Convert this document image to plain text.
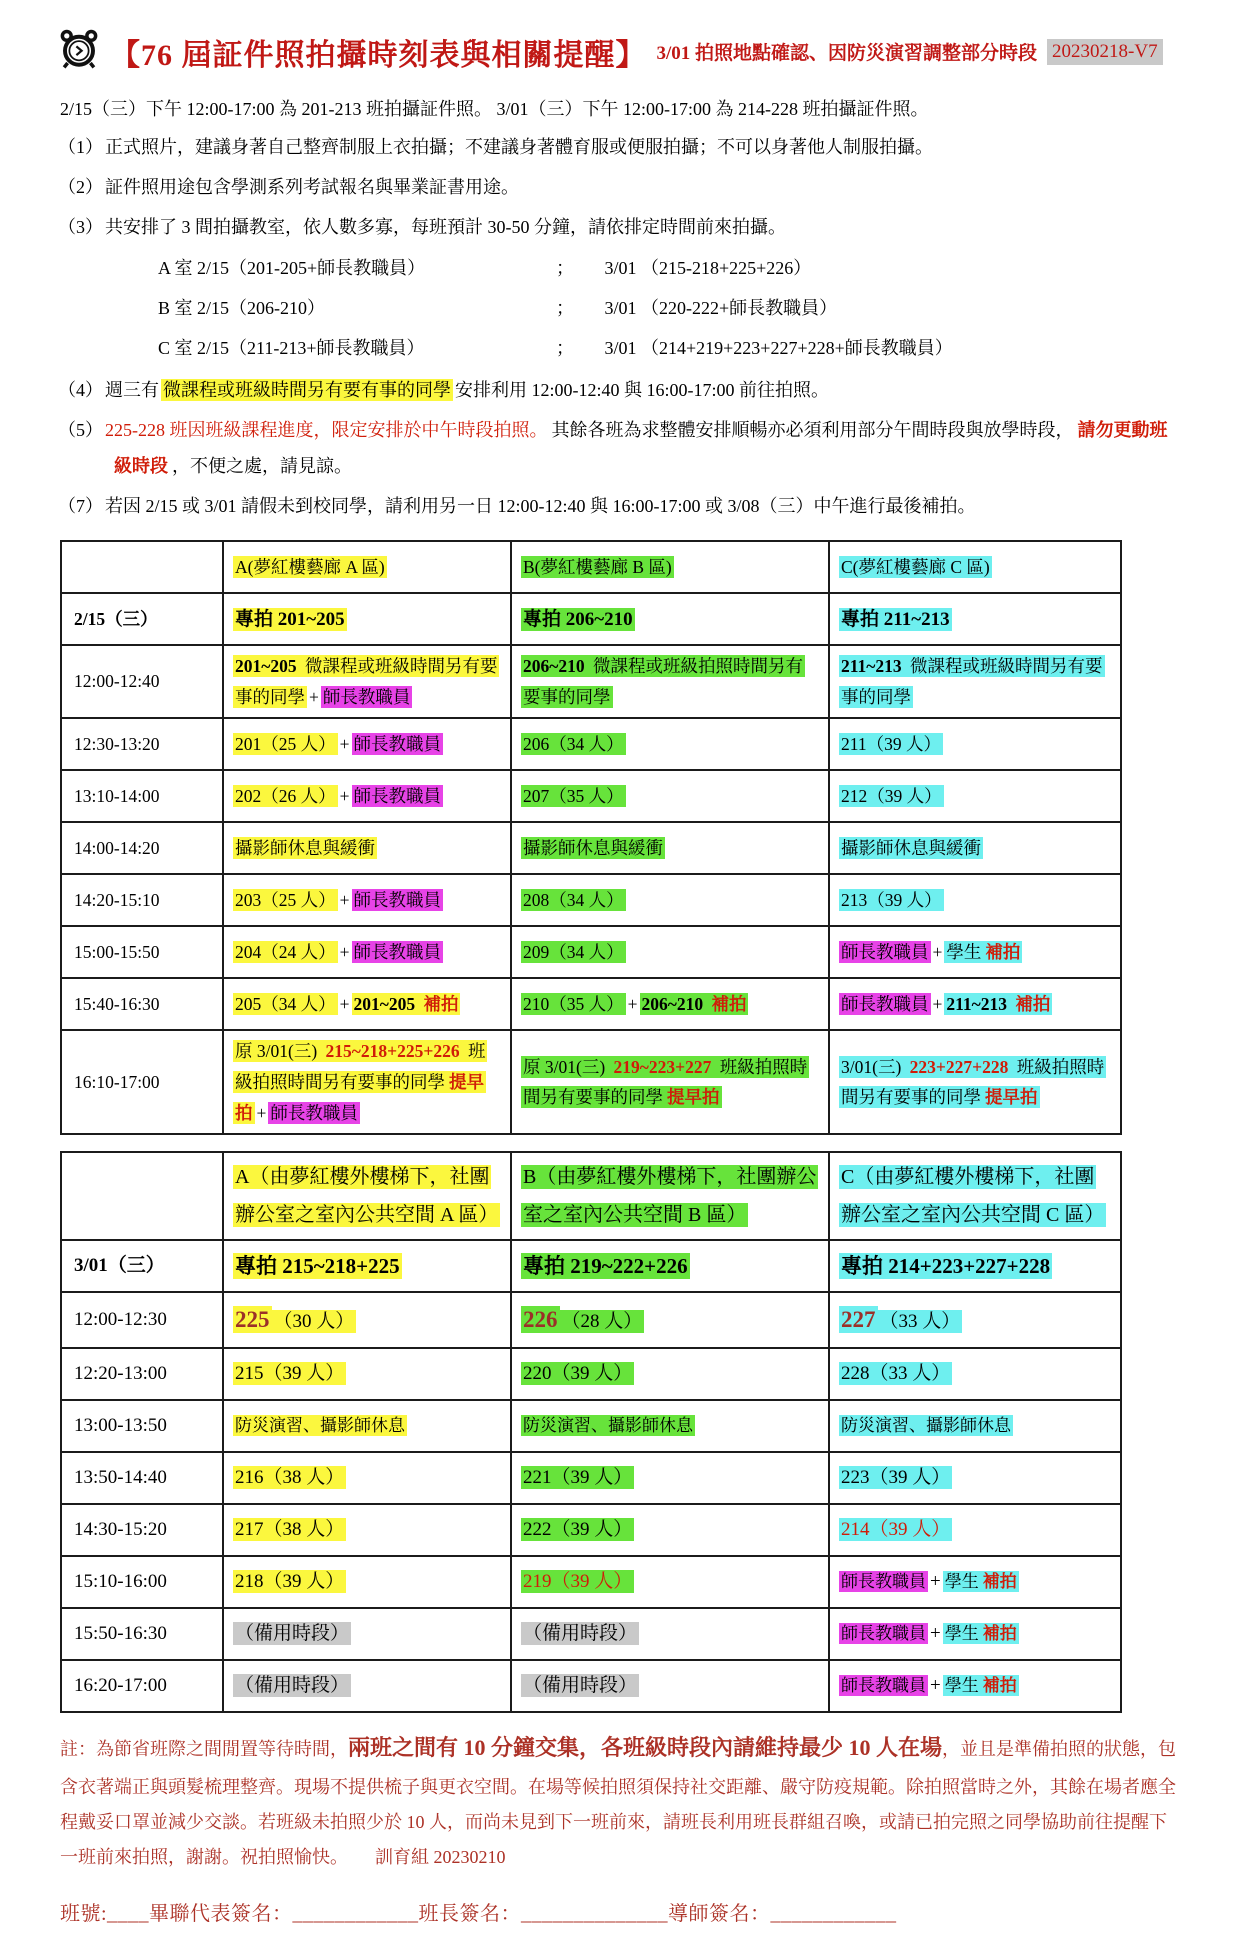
【76 屆証件照拍攝時刻表與相關提醒】 3/01 拍照地點確認、因防災演習調整部分時段 20230218-V7
2/15（三）下午 12:00-17:00 為 201-213 班拍攝証件照。 3/01（三）下午 12:00-17:00 為 214-228 班拍攝証件照。
（1） 正式照片，建議身著自己整齊制服上衣拍攝；不建議身著體育服或便服拍攝；不可以身著他人制服拍攝。
（2） 証件照用途包含學測系列考試報名與畢業証書用途。
（3） 共安排了 3 間拍攝教室，依人數多寡，每班預計 30-50 分鐘，請依排定時間前來拍攝。
A 室 2/15（201-205+師長教職員）	； 3/01 （215-218+225+226）
B 室 2/15（206-210）	； 3/01 （220-222+師長教職員）
C 室 2/15（211-213+師長教職員）	； 3/01 （214+219+223+227+228+師長教職員）
（4） 週三有 微課程或班級時間另有要有事的同學 安排利用 12:00-12:40 與 16:00-17:00 前往拍照。
（5） 225-228 班因班級課程進度，限定安排於中午時段拍照。 其餘各班為求整體安排順暢亦必須利用部分午間時段與放學時段， 請勿更動班級時段 ，不便之處，請見諒。
（7） 若因 2/15 或 3/01 請假未到校同學，請利用另一日 12:00-12:40 與 16:00-17:00 或 3/08（三）中午進行最後補拍。
	A(夢紅樓藝廊 A 區)	B(夢紅樓藝廊 B 區)	C(夢紅樓藝廊 C 區)
2/15（三）	專拍 201~205	專拍 206~210	專拍 211~213
12:00-12:40	201~205 微課程或班級時間另有要事的同學 + 師長教職員	206~210 微課程或班級拍照時間另有要事的同學	211~213 微課程或班級時間另有要事的同學
12:30-13:20	201（25 人） + 師長教職員	206（34 人）	211（39 人）
13:10-14:00	202（26 人） + 師長教職員	207（35 人）	212（39 人）
14:00-14:20	攝影師休息與緩衝	攝影師休息與緩衝	攝影師休息與緩衝
14:20-15:10	203（25 人） + 師長教職員	208（34 人）	213（39 人）
15:00-15:50	204（24 人） + 師長教職員	209（34 人）	師長教職員 + 學生 補拍
15:40-16:30	205（34 人） + 201~205 補拍	210（35 人） + 206~210 補拍	師長教職員 + 211~213 補拍
16:10-17:00	原 3/01(三) 215~218+225+226 班級拍照時間另有要事的同學 提早拍 + 師長教職員	原 3/01(三) 219~223+227 班級拍照時間另有要事的同學 提早拍	3/01(三) 223+227+228 班級拍照時間另有要事的同學 提早拍
	A（由夢紅樓外樓梯下，社團辦公室之室內公共空間 A 區）	B（由夢紅樓外樓梯下，社團辦公室之室內公共空間 B 區）	C（由夢紅樓外樓梯下，社團辦公室之室內公共空間 C 區）
3/01（三）	專拍 215~218+225	專拍 219~222+226	專拍 214+223+227+228
12:00-12:30	225 （30 人）	226 （28 人）	227 （33 人）
12:20-13:00	215（39 人）	220（39 人）	228（33 人）
13:00-13:50	防災演習、攝影師休息	防災演習、攝影師休息	防災演習、攝影師休息
13:50-14:40	216（38 人）	221（39 人）	223（39 人）
14:30-15:20	217（38 人）	222（39 人）	214（39 人）
15:10-16:00	218（39 人）	219（39 人）	師長教職員 + 學生 補拍
15:50-16:30	（備用時段）	（備用時段）	師長教職員 + 學生 補拍
16:20-17:00	（備用時段）	（備用時段）	師長教職員 + 學生 補拍
註：為節省班際之間閒置等待時間，兩班之間有 10 分鐘交集，各班級時段內請維持最少 10 人在場，並且是準備拍照的狀態，包含衣著端正與頭髮梳理整齊。現場不提供梳子與更衣空間。在場等候拍照須保持社交距離、嚴守防疫規範。除拍照當時之外，其餘在場者應全程戴妥口罩並減少交談。若班級未拍照少於 10 人，而尚未見到下一班前來，請班長利用班長群組召喚，或請已拍完照之同學協助前往提醒下一班前來拍照，謝謝。祝拍照愉快。　　訓育組 20230210
班號:____畢聯代表簽名：____________班長簽名：______________導師簽名：____________
